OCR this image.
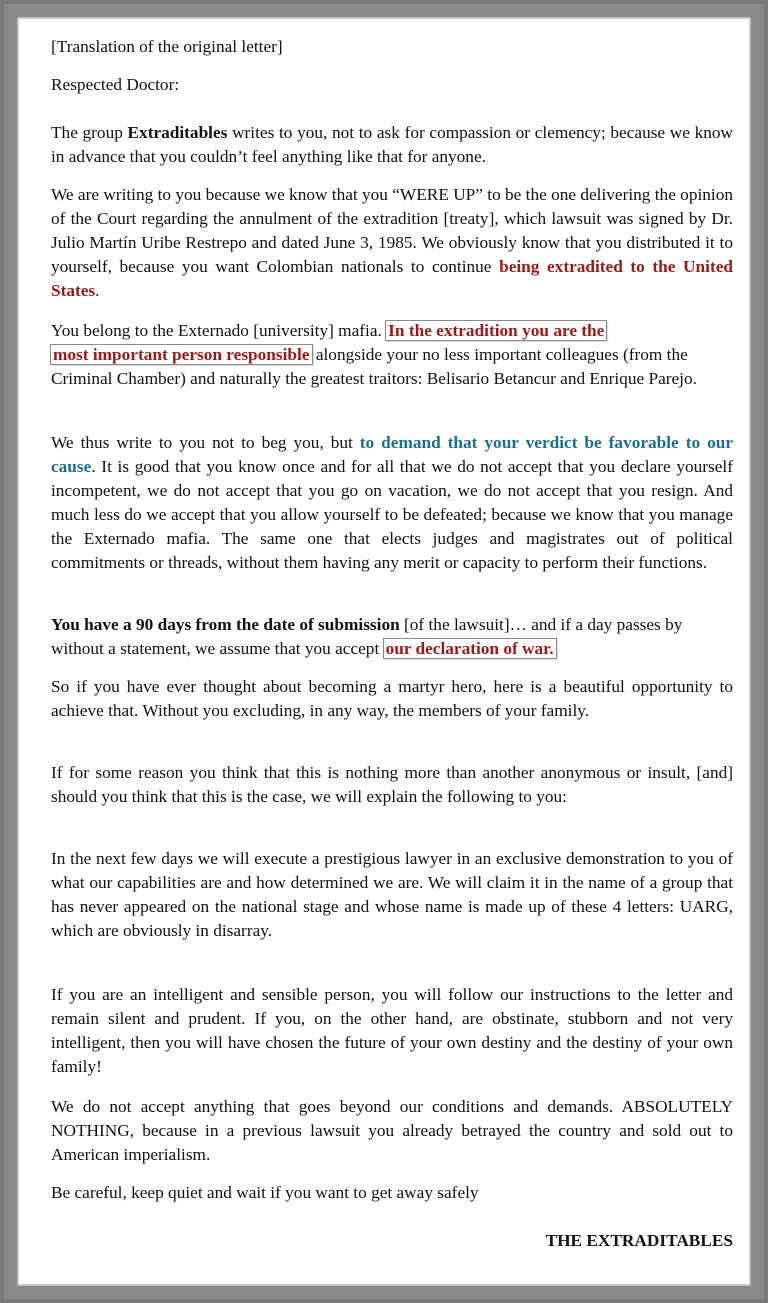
[Translation of the original letter]

Respected Doctor:

The group Extraditables writes to you, not to ask for compassion or clemency; because we know in advance that you couldn’t feel anything like that for anyone.

We are writing to you because we know that you “WERE UP” to be the one delivering the opinion of the Court regarding the annulment of the extradition [treaty], which lawsuit was signed by Dr. Julio Martín Uribe Restrepo and dated June 3, 1985. We obviously know that you distributed it to yourself, because you want Colombian nationals to continue being extradited to the United States.

You belong to the Externado [university] mafia. In the extradition you are the
most important person responsible alongside your no less important colleagues (from the Criminal Chamber) and naturally the greatest traitors: Belisario Betancur and Enrique Parejo.

We thus write to you not to beg you, but to demand that your verdict be favorable to our cause. It is good that you know once and for all that we do not accept that you declare yourself incompetent, we do not accept that you go on vacation, we do not accept that you resign. And much less do we accept that you allow yourself to be defeated; because we know that you manage the Externado mafia. The same one that elects judges and magistrates out of political commitments or threads, without them having any merit or capacity to perform their functions.

You have a 90 days from the date of submission [of the lawsuit]… and if a day passes by without a statement, we assume that you accept our declaration of war.

So if you have ever thought about becoming a martyr hero, here is a beautiful opportunity to achieve that. Without you excluding, in any way, the members of your family.

If for some reason you think that this is nothing more than another anonymous or insult, [and] should you think that this is the case, we will explain the following to you:

In the next few days we will execute a prestigious lawyer in an exclusive demonstration to you of what our capabilities are and how determined we are. We will claim it in the name of a group that has never appeared on the national stage and whose name is made up of these 4 letters: UARG, which are obviously in disarray.

If you are an intelligent and sensible person, you will follow our instructions to the letter and remain silent and prudent. If you, on the other hand, are obstinate, stubborn and not very intelligent, then you will have chosen the future of your own destiny and the destiny of your own family!

We do not accept anything that goes beyond our conditions and demands. ABSOLUTELY NOTHING, because in a previous lawsuit you already betrayed the country and sold out to American imperialism.

Be careful, keep quiet and wait if you want to get away safely

THE EXTRADITABLES
